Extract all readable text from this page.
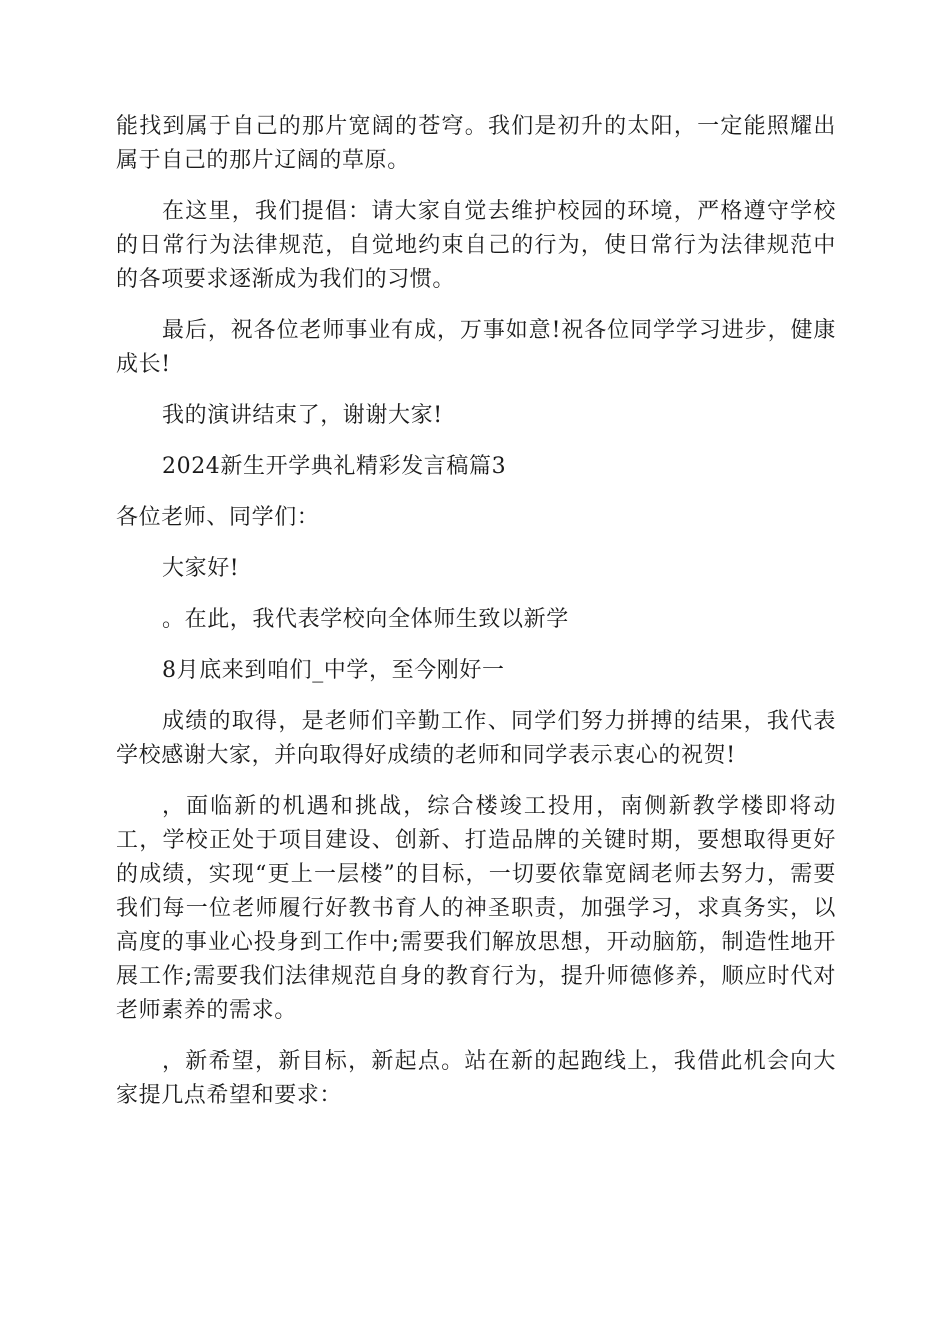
能找到属于自己的那片宽阔的苍穹。我们是初升的太阳，一定能照耀出属于自己的那片辽阔的草原。

在这里，我们提倡：请大家自觉去维护校园的环境，严格遵守学校的日常行为法律规范，自觉地约束自己的行为，使日常行为法律规范中的各项要求逐渐成为我们的习惯。

最后，祝各位老师事业有成，万事如意!祝各位同学学习进步，健康成长!

我的演讲结束了，谢谢大家!

2024新生开学典礼精彩发言稿篇3

各位老师、同学们：

大家好!

。在此，我代表学校向全体师生致以新学

8月底来到咱们_中学，至今刚好一

成绩的取得，是老师们辛勤工作、同学们努力拼搏的结果，我代表学校感谢大家，并向取得好成绩的老师和同学表示衷心的祝贺!

，面临新的机遇和挑战，综合楼竣工投用，南侧新教学楼即将动工，学校正处于项目建设、创新、打造品牌的关键时期，要想取得更好的成绩，实现“更上一层楼”的目标，一切要依靠宽阔老师去努力，需要我们每一位老师履行好教书育人的神圣职责，加强学习，求真务实，以高度的事业心投身到工作中;需要我们解放思想，开动脑筋，制造性地开展工作;需要我们法律规范自身的教育行为，提升师德修养，顺应时代对老师素养的需求。

，新希望，新目标，新起点。站在新的起跑线上，我借此机会向大家提几点希望和要求：
